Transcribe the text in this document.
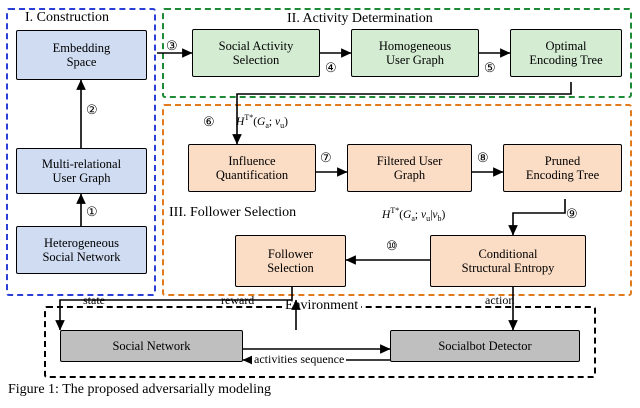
I. Construction	II. Activity Determination
III. Follower Selection
Environment
Embedding
Space
Multi-relational
User Graph
Heterogeneous
Social Network
Social Activity
Selection
Homogeneous
User Graph
Optimal
Encoding Tree
Influence
Quantification
Filtered User
Graph
Pruned
Encoding Tree
Follower
Selection
Conditional
Structural Entropy
Social Network	Socialbot Detector
①
②
③
④	⑤
⑥
⑦	⑧
⑨
⑩
$H^{T*}(G_a$; $\nu_u$)
$H^{T*}(G_a$; $\nu_u|\nu_b$)
state	reward	action
activities sequence
Figure 1: The proposed adversarially modeling
